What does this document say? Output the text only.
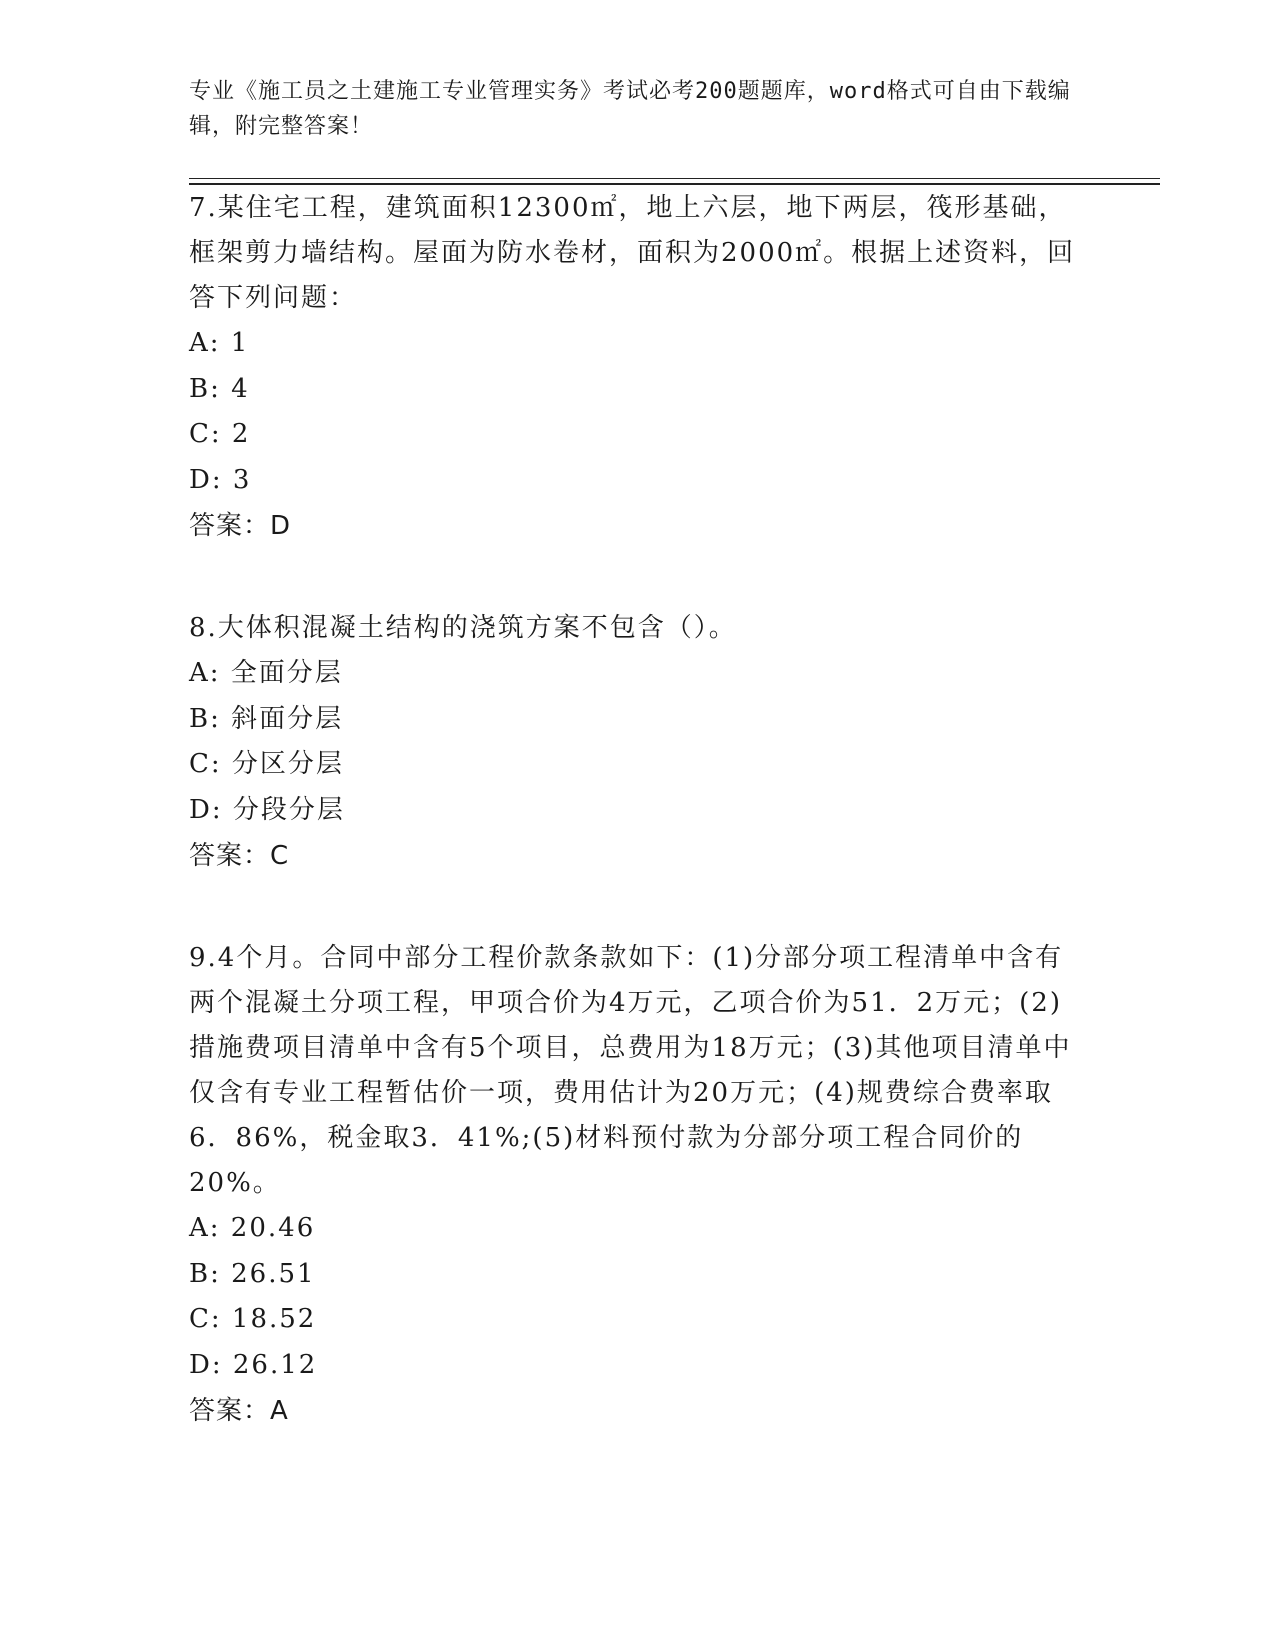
专业《施工员之土建施工专业管理实务》考试必考200题题库，word格式可自由下载编辑，附完整答案！

7.某住宅工程，建筑面积12300㎡，地上六层，地下两层，筏形基础，框架剪力墙结构。屋面为防水卷材，面积为2000㎡。根据上述资料，回答下列问题：

A: 1

B: 4

C: 2

D: 3

答案：D

8.大体积混凝土结构的浇筑方案不包含（）。

A: 全面分层

B: 斜面分层

C: 分区分层

D: 分段分层

答案：C

9.4个月。合同中部分工程价款条款如下：(1)分部分项工程清单中含有两个混凝土分项工程，甲项合价为4万元，乙项合价为51．2万元；(2)措施费项目清单中含有5个项目，总费用为18万元；(3)其他项目清单中仅含有专业工程暂估价一项，费用估计为20万元；(4)规费综合费率取6．86%，税金取3．41%;(5)材料预付款为分部分项工程合同价的20%。

A: 20.46

B: 26.51

C: 18.52

D: 26.12

答案：A
